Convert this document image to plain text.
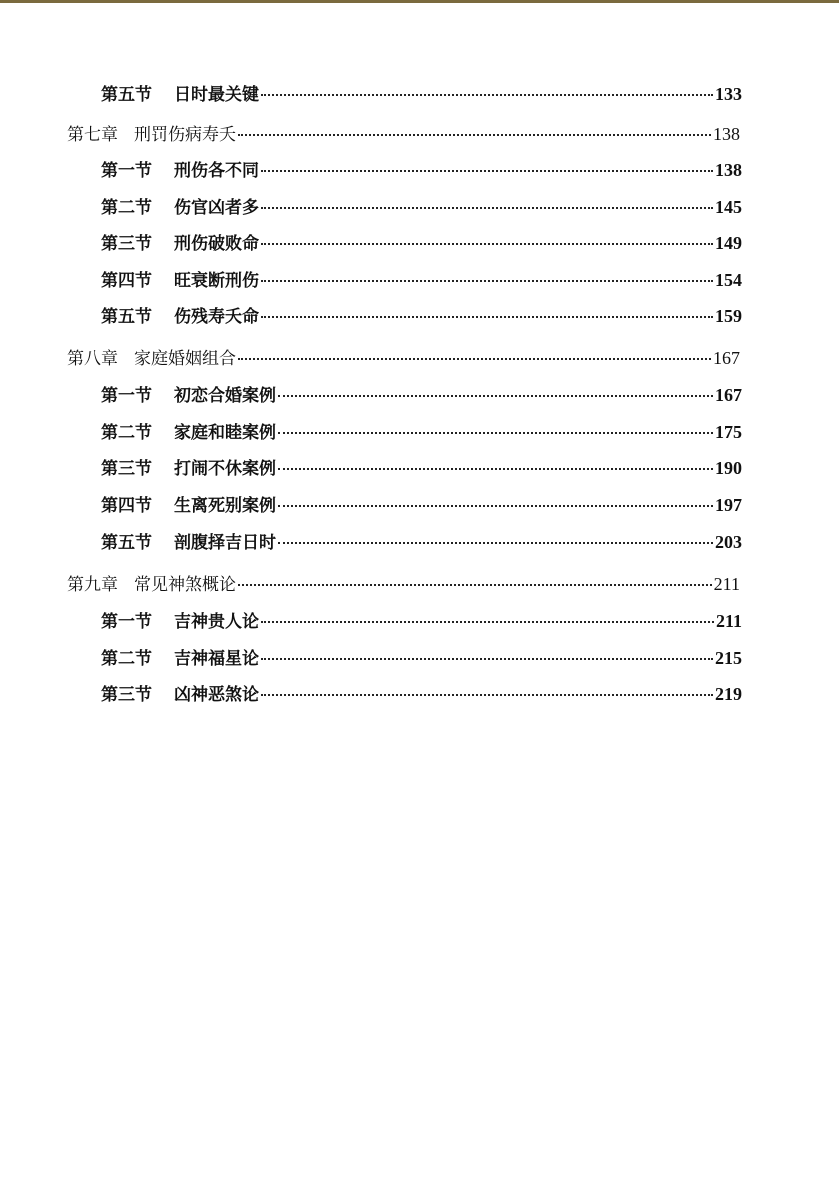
第五节 日时最关键	133
第七章 刑罚伤病寿夭	138
第一节 刑伤各不同	138
第二节 伤官凶者多	145
第三节 刑伤破败命	149
第四节 旺衰断刑伤	154
第五节 伤残寿夭命	159
第八章 家庭婚姻组合	167
第一节 初恋合婚案例	167
第二节 家庭和睦案例	175
第三节 打闹不休案例	190
第四节 生离死别案例	197
第五节 剖腹择吉日时	203
第九章 常见神煞概论	211
第一节 吉神贵人论	211
第二节 吉神福星论	215
第三节 凶神恶煞论	219
